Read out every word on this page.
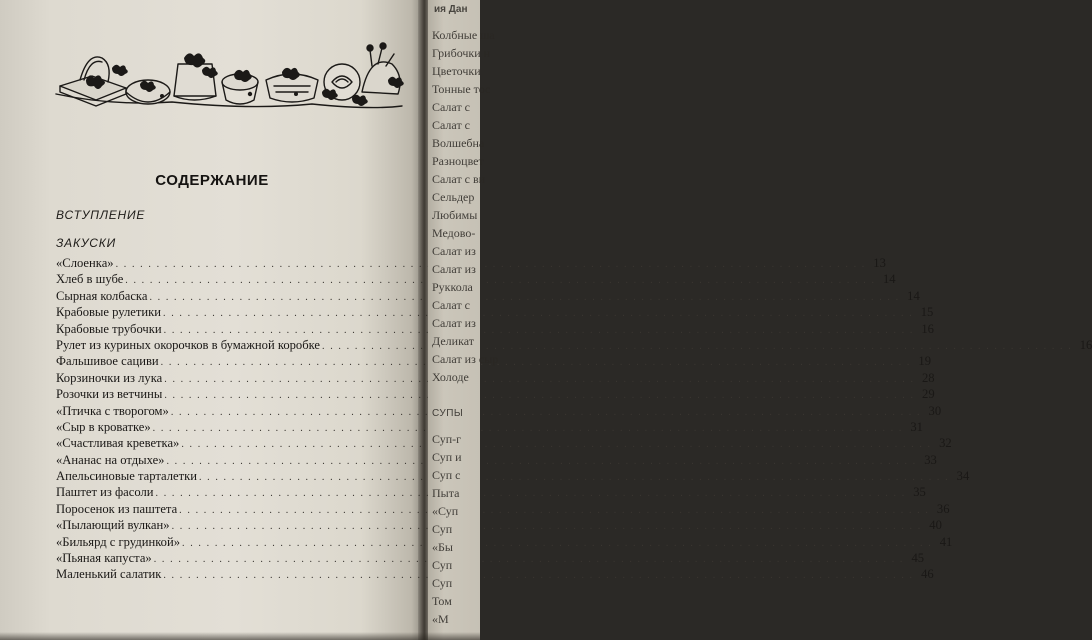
СОДЕРЖАНИЕ
ВСТУПЛЕНИЕ
ЗАКУСКИ
«Слоенка» . . .	13
Хлеб в шубе . . .	14
Сырная колбаска . . .	14
Крабовые рулетики . . .	15
Крабовые трубочки . . .	16
Рулет из куриных окорочков в бумажной коробке . . .	16
Фальшивое сациви . . .	19
Корзиночки из лука . . .	28
Розочки из ветчины . . .	29
«Птичка с творогом» . . .	30
«Сыр в кроватке» . . .	31
«Счастливая креветка» . . .	32
«Ананас на отдыхе» . . .	33
Апельсиновые тарталетки . . .	34
Паштет из фасоли . . .	35
Поросенок из паштета . . .	36
«Пылающий вулкан» . . .	40
«Бильярд с грудинкой» . . .	41
«Пьяная капуста» . . .	45
Маленький салатик . . .	46
ия Дан
Колбные ша
Грибочки н
Цветочки
Тонные тос
Салат с
Салат с
Волшебна
Разнoцвет
Салат с ви
Сельдер
Любимы
Медово-
Салат из
Салат из
Руккола
Салат с
Салат из
Деликат
Салат из сыр
Холоде
СУПЫ
Суп-г
Суп и
Суп с
Пыта
«Суп
Суп
«Бы
Суп
Суп
Том
«М
